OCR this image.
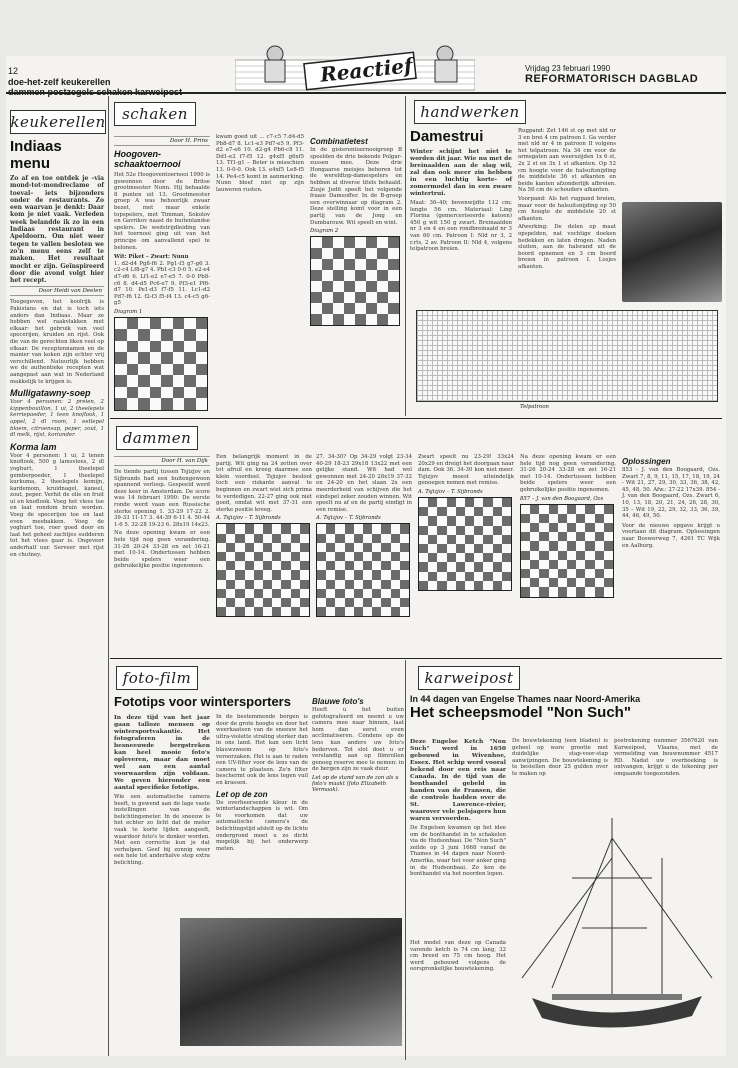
12
doe-het-zelf keukerellen	Reactief	Vrijdag 23 februari 1990
REFORMATORISCH DAGBLAD
keukerellen
Indiaas menu
Zo af en toe ontdek je –via mond-tot-mondreclame of toeval– iets bijzonders onder de restaurants. Zo een waarvan je denkt: Daar kom je niet vaak. Verleden week belandde ik zo in een Indiaas restaurant in Apeldoorn. Om niet weer tegen te vallen besloten we zo'n menu eens zelf te maken. Het resultaat mocht er zijn. Geïnspireerd door die avond volgt hier het recept.
Door Heidi van Deelen
Toegegeven, het koolrijk is Pakistans en dat is toch iets anders dan Indiaas. Maar ze hebben wel raakvlakken met elkaar: het gebruik van veel specerijen, kruiden en rijst. Ook die van de gerechten liken veel op elkaar. De receptennamen en de manier van koken zijn echter vrij verschillend. Natuurlijk hebben we de authentieke recepten wat aangepast aan wat in Nederland makkelijk te krijgen is.
Mulligatawny-soep
Voor 4 personen: 2 preien, 2 kippenbouillon, 1 ui, 2 theelepels kerriepoeder, 1 teen knoflook, 1 appel, 2 dl room, 1 eetlepel bloem, citroensap, peper, zout, 1 dl melk, rijst, koriander.
Korma lam
Voor 4 personen: 1 ui, 2 tenen knoflook, 500 g lamsvlees, 2 dl yoghurt, 1 theelepel gemberpoeder, 1 theelepel kurkuma, 2 theelepels komijn, kardemom, kruidnagel, kaneel, zout, peper. Verhit de olie en fruit ui en knoflook. Voeg het vlees toe en laat rondom bruin worden. Voeg de specerijen toe en laat even meebakken. Voeg de yoghurt toe, roer goed door en laat het geheel zachtjes sudderen tot het vlees gaar is. Ongeveer anderhalf uur. Serveer met rijst en chutney.
schaken
Door H. Prins
Hoogoven-schaaktoernooi
Het 52e Hoogoventoernooi 1990 is gewonnen door de Britse grootmeester Nunn. Hij behaalde 8 punten uit 13. Grootmeester groep A was behoorlijk zwaar bezet, met maar enkele topspelers, met Timman, Sokolov en Gavrikov naast de buitenlandse spelers. De wedstrijdleiding van het toernooi ging uit van het principe om aanvallend spel te belonen.
Wit: Piket – Zwart: Nunn
1. d2-d4 Pg8-f6 2. Pg1-f3 g7-g6 3. c2-c4 Lf8-g7 4. Pb1-c3 0-0 5. e2-e4 d7-d6 6. Lf1-e2 e7-e5 7. 0-0 Pb8-c6 8. d4-d5 Pc6-e7 9. Pf3-e1 Pf6-d7 10. Pe1-d3 f7-f5 11. Lc1-d2 Pd7-f6 12. f2-f3 f5-f4 13. c4-c5 g6-g5
Diagram 1
kwam goed uit ... c7-c5 7.d4-d5 Pb8-d7 8. Lc1-e3 Pd7-e5 9. Pf3-d2 e7-e6 10. d2-g4 Pb6-c8 11. Dd1-e2 f7-f5 12. g4xf5 g6xf5 13. Tf1-g1 – Beter is misschien 13. 0-0-0. Ook 13. e4xf5 Le8-f5 14. Pe4-c5 komt in aanmerking. Nunn bleef niet op zijn lauweren rusten.
Combinatietest
In de gisterentoernooigroep B speelden de drie bekende Polgar-zussen mee. Deze drie Hongaarse meisjes behoren tot de wereldtop-damespelers en hebben al diverse titels behaald. Zusje Judit speelt het volgende fraaie Dameoffer. In de B-groep een overwinnaar op diagram 2. Deze stelling komt voor in een partij van de Jong en Dumbarouw. Wit speelt en wint.
Diagram 2
handwerken
Damestrui
Winter schijnt het niet te worden dit jaar. Wie nu met de breinaalden aan de slag wil, zal dan ook meer zin hebben in een luchtig korte- of zomermodel dan in een zware wintertrui.
Maat: 36–40; bovenwijdte 112 cm; lengte 56 cm. Materiaal: Ling Florina (gemerceriseerde katoen) 450 g wit 150 g zwart. Breinaalden nr 3 en 4 en een rondbreinaald nr 3 van 60 cm. Patroon I: Nld nr 3, 2 r.rts, 2 av. Patroon II: Nld 4, volgens telpatroon breien.
Rugpand: Zet 146 st op met nld nr 3 en brei 4 cm patroon I. Ga verder met nld nr 4 in patroon II volgens het telpatroon. Na 34 cm voor de armsgaten aan weerszijden 1x 6 st, 2x 2 st en 3x 1 st afkanten. Op 52 cm hoogte voor de halsuitsnijding de middelste 36 st afkanten en beide kanten afzonderlijk afbreien. Na 56 cm de schouders afkanten.
Voorpand: Als het rugpand breien, maar voor de halsuitsnijding op 50 cm hoogte de middelste 20 st afkanten.
Afwerking: De delen op maat opspelden, nat vochtige doeken bedekken en laten drogen. Naden sluiten, aan de halsrand uit de boord opnemen en 3 cm boord breien in patroon I. Losjes afkanten.
Telpatroon
dammen
Door H. van Dijk
De tiende partij tussen Tsjizjov en Sijbrands had een buitengewoon spannend verloop. Gespeeld werd deze keer in Amsterdam. De score was 14 februari 1990: De eerste ronde werd vaan een Russische sterke opening 1. 33-29 17-22 2. 39-33 11-17 3. 44-39 6-11 4. 50-44 1-6 5. 32-28 19-23 6. 28x19 14x23.
Na deze opening kwam er een hele tijd nog geen verandering. 31-26 20-24 33-28 en zet 16-21 met 10-14. Ondertussen hebben beide spelers weer een gebruikelijke positie ingenomen.
Een belangrijk moment in de partij. Wit ging na 24 zetten over tot afruil en kreeg daarmee een klein voordeel. Tsjizjov besloot toch een riskante aanval te beginnen en zwart wist zich prima te verdedigen. 22-27 ging ook niet goed, omdat wit met 37-31 een sterke positie kreeg.
A. Tsjizjov – T. Sijbrands
27. 34-30? Op 34-29 volgt 23-34 40-29 18-23 29x18 13x22 met een gelijke stand. Wit had wel gewonnen met 24-20 28x19 37-32 en 24-20 en het slaan 2x een meerderheid van schijven die het eindspel zeker zouden winnen. Wit speelt nu af en de partij eindigt in een remise.
A. Tsjizjov – T. Sijbrands
Zwart speelt nu 23-29! 33x24 20x29 en dreigt het doorgaan naar dam. Ook 36. 34-30 kon niet meer. Tsjizjov moest uiteindelijk genoegen nemen met remise.
A. Tsjizjov – T. Sijbrands
Na deze opening kwam er een hele tijd nog geen verandering. 31-26 20-24 33-28 en zet 16-21 met 10-14. Ondertussen hebben beide spelers weer een gebruikelijke positie ingenomen.
857 – J. van den Boogaard, Ozs
Oplossingen
853 - J. van den Boogaard, Ozs. Zwart 7, 8, 9, 11, 15, 17, 18, 19, 24 - Wit 21, 27, 29, 30, 33, 36, 38, 42, 45, 48, 50. Afw.: 27-22 17x39. 854 - J. van den Boogaard, Ozs. Zwart 6, 10, 13, 18, 20, 21, 24, 26, 28, 30, 35 – Wit 19, 22, 29, 32, 33, 36, 39, 44, 46, 49, 50.
Voor de nieuwe opgave krijgt u voortaan dit diagram. Oplossingen naar Boswerweg 7, 4261 TC Wijk en Aalburg.
foto-film
Fototips voor wintersporters
In deze tijd van het jaar gaan talloze mensen op wintersportvakantie. Het fotograferen in de besneeuwde bergstreken kan heel mooie foto's opleveren, maar dan moet wel aan een aantal voorwaarden zijn voldaan. We geven hieronder een aantal specifieke fototips.
Wie een automatische camera heeft, is gewend aan de lage vaste instellingen van de belichtingsmeter. In de sneeuw is het echter zo licht dat de meter vaak te korte tijden aangeeft, waardoor foto's te donker worden. Met een correctie kun je dat verhelpen. Geef bij zonnig weer een hele tot anderhalve stop extra belichting.
In de bestemmende bergen is door de grote hoogte en door het weerkaatsen van de sneeuw het ultra-violette straling sterker dan in ons land. Het kan een licht blauwzweem op foto's veroorzaken. Het is aan te raden een UV-filter voor de lens van de camera te plaatsen. Zo'n filter beschermt ook de lens tegen vuil en krassen.
Let op de zon
De overheersende kleur in de winterlandschappen is wit. Om te voorkomen dat uw automatische camera's de belichtingstijd afstelt op de lichte ondergrond moet u zo dicht mogelijk bij het onderwerp meten.
Blauwe foto's
Heeft u het buiten gefotografeerd en neemt u uw camera mee naar binnen, laat hem dan eerst even acclimatiseren. Condens op de lens kan anders uw foto's bederven. Tot slot doet u er verstandig aan op filmrollen genoeg reserve mee te nemen: in de bergen zijn ze vaak duur.
Let op de stand van de zon als u foto's maakt (foto Elizabeth Vermaak).
karweipost
In 44 dagen van Engelse Thames naar Noord-Amerika
Het scheepsmodel "Non Such"
Deze Engelse Ketch "Non Such" werd in 1650 gebouwd in Wivenhoe, Essex. Het schip werd vooral bekend door een reis naar Canada. In de tijd van de bonthandel gebeld in handen van de Fransen, die de controle hadden over de St. Lawrence-rivier, waarover vele pelsjagers hun waren vervoerden.
De Engelsen kwamen op het idee om de bonthandel in te schakelen via de Hudsonbaai. De "Non Such" zeilde op 3 juni 1668 vanaf de Thames in 44 dagen naar Noord-Amerika, waar het voor anker ging in de Hudsonbaai. Zo kon de bonthandel via het noorden lopen.
De bouwtekening (een bladen) is geheel op ware grootte met duidelijke stap-voor-stap aanwijzingen. De bouwtekening is te bestellen door 25 gulden over te maken op
postrekening nummer 3567620 van Karweipost, Vlaams, met de vermelding van bouwnummer 4517 RD. Nadat uw overboeking is ontvangen, krijgt u de tekening per omgaande toegezonden.
Het model van deze op Canada varende ketch is 74 cm lang, 32 cm breed en 75 cm hoog. Het werd gebouwd volgens de oorspronkelijke bouwtekening.
